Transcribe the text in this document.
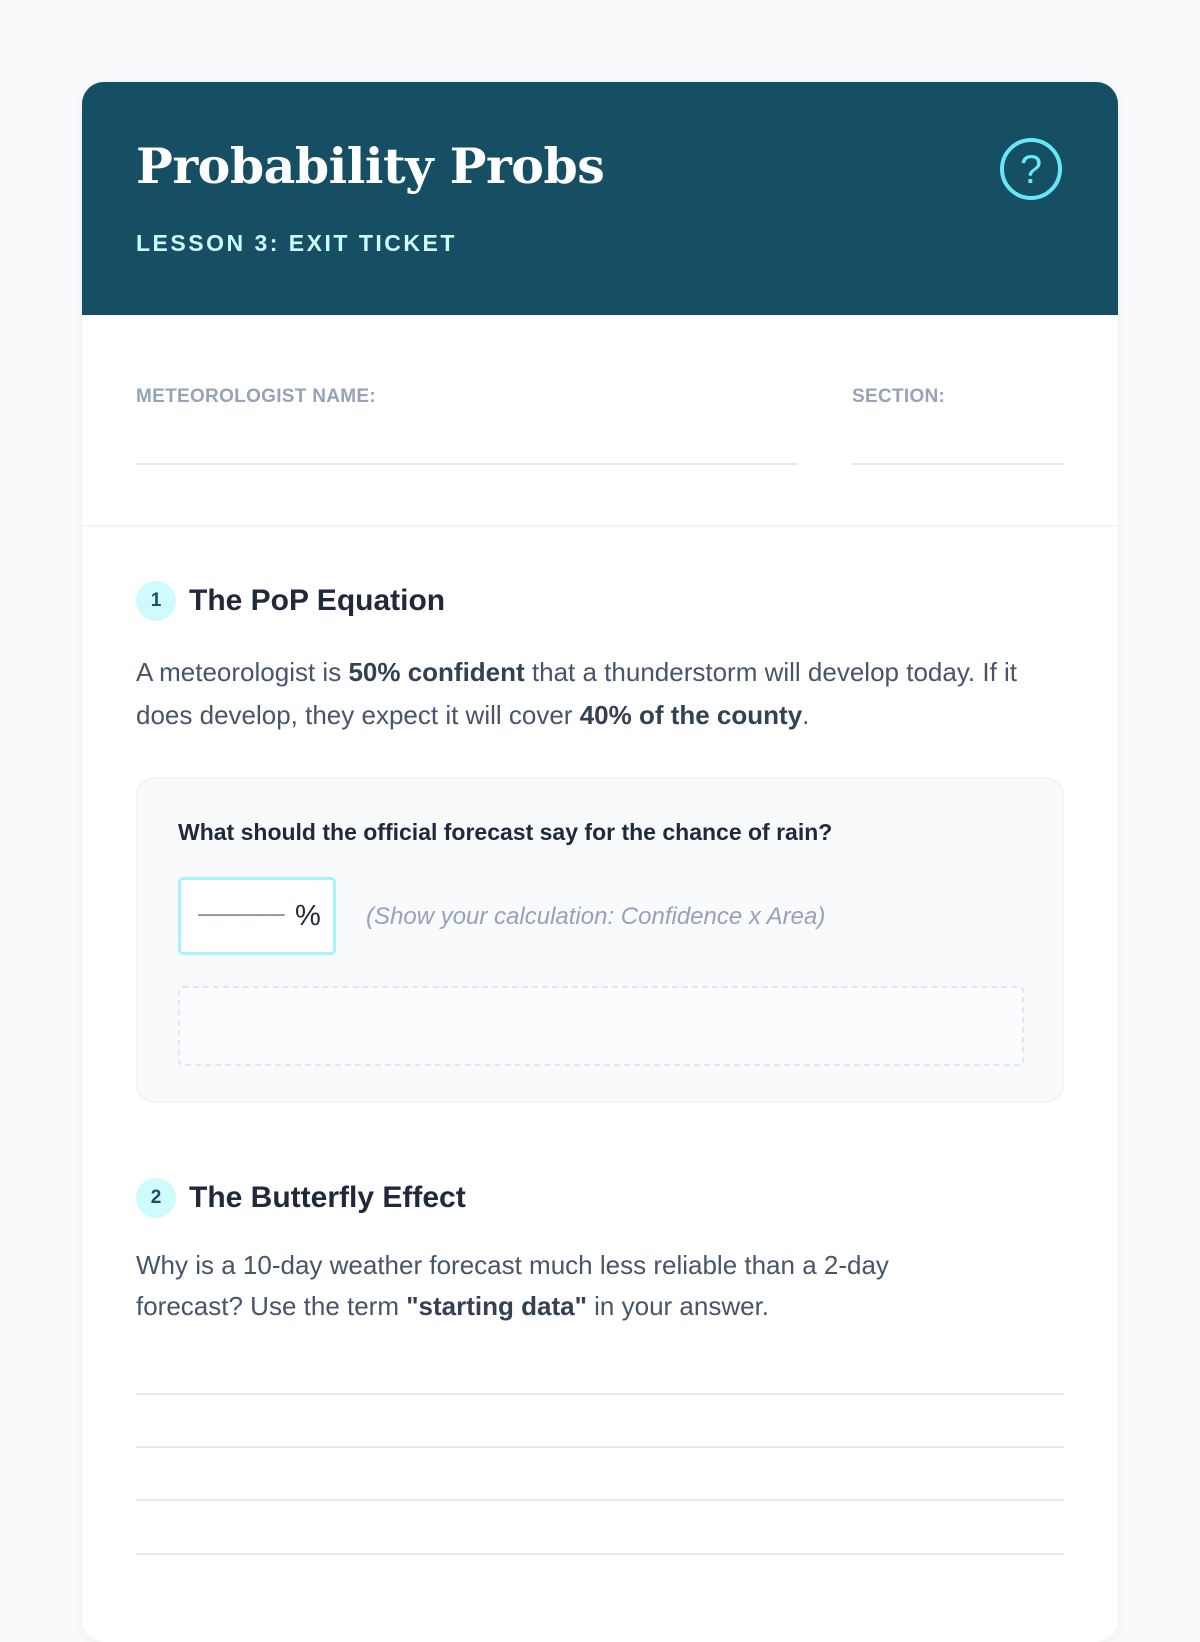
Probability Probs
LESSON 3: EXIT TICKET
?
METEOROLOGIST NAME:	SECTION:
1 The PoP Equation

A meteorologist is 50% confident that a thunderstorm will develop today. If it does develop, they expect it will cover 40% of the county.

What should the official forecast say for the chance of rain?
______ % (Show your calculation: Confidence x Area)
2 The Butterfly Effect

Why is a 10-day weather forecast much less reliable than a 2-day forecast? Use the term "starting data" in your answer.
